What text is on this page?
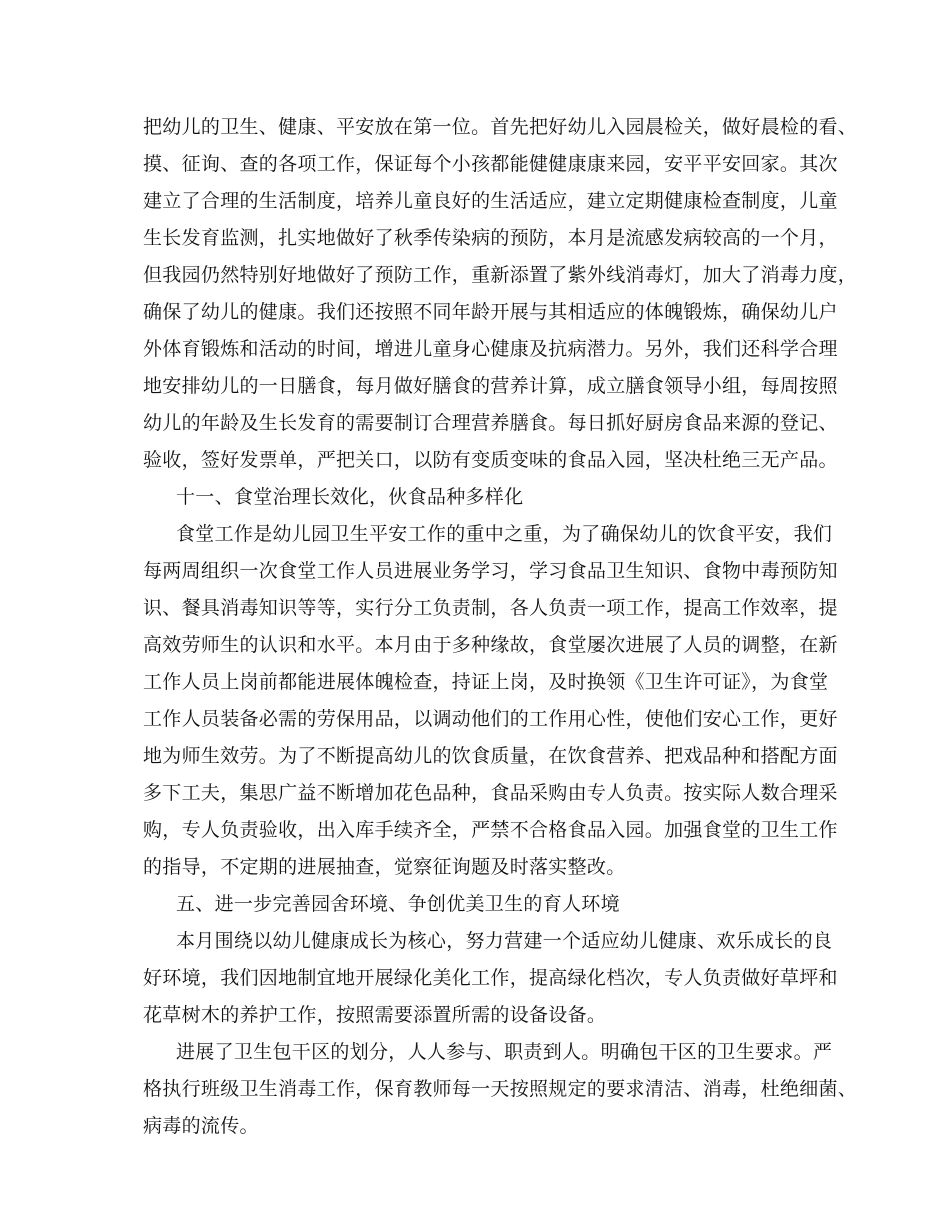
把幼儿的卫生、健康、平安放在第一位。首先把好幼儿入园晨检关，做好晨检的看、
摸、征询、查的各项工作，保证每个小孩都能健健康康来园，安平平安回家。其次
建立了合理的生活制度，培养儿童良好的生活适应，建立定期健康检查制度，儿童
生长发育监测，扎实地做好了秋季传染病的预防，本月是流感发病较高的一个月，
但我园仍然特别好地做好了预防工作，重新添置了紫外线消毒灯，加大了消毒力度，
确保了幼儿的健康。我们还按照不同年龄开展与其相适应的体魄锻炼，确保幼儿户
外体育锻炼和活动的时间，增进儿童身心健康及抗病潜力。另外，我们还科学合理
地安排幼儿的一日膳食，每月做好膳食的营养计算，成立膳食领导小组，每周按照
幼儿的年龄及生长发育的需要制订合理营养膳食。每日抓好厨房食品来源的登记、
验收，签好发票单，严把关口，以防有变质变味的食品入园，坚决杜绝三无产品。
十一、食堂治理长效化，伙食品种多样化
食堂工作是幼儿园卫生平安工作的重中之重，为了确保幼儿的饮食平安，我们
每两周组织一次食堂工作人员进展业务学习，学习食品卫生知识、食物中毒预防知
识、餐具消毒知识等等，实行分工负责制，各人负责一项工作，提高工作效率，提
高效劳师生的认识和水平。本月由于多种缘故，食堂屡次进展了人员的调整，在新
工作人员上岗前都能进展体魄检查，持证上岗，及时换领《卫生许可证》，为食堂
工作人员装备必需的劳保用品，以调动他们的工作用心性，使他们安心工作，更好
地为师生效劳。为了不断提高幼儿的饮食质量，在饮食营养、把戏品种和搭配方面
多下工夫，集思广益不断增加花色品种，食品采购由专人负责。按实际人数合理采
购，专人负责验收，出入库手续齐全，严禁不合格食品入园。加强食堂的卫生工作
的指导，不定期的进展抽查，觉察征询题及时落实整改。
五、进一步完善园舍环境、争创优美卫生的育人环境
本月围绕以幼儿健康成长为核心，努力营建一个适应幼儿健康、欢乐成长的良
好环境，我们因地制宜地开展绿化美化工作，提高绿化档次，专人负责做好草坪和
花草树木的养护工作，按照需要添置所需的设备设备。
进展了卫生包干区的划分，人人参与、职责到人。明确包干区的卫生要求。严
格执行班级卫生消毒工作，保育教师每一天按照规定的要求清洁、消毒，杜绝细菌、
病毒的流传。
